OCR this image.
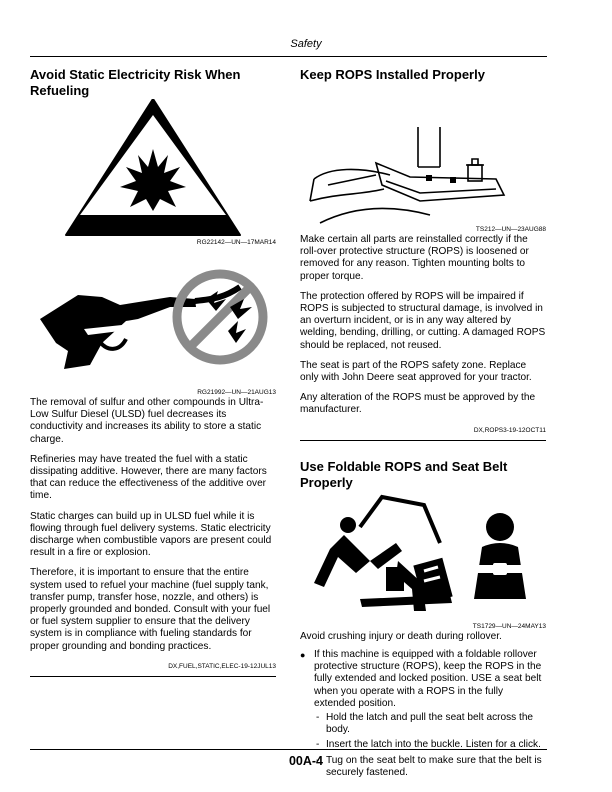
Safety
Avoid Static Electricity Risk When Refueling

RG22142—UN—17MAR14

RG21992—UN—21AUG13

The removal of sulfur and other compounds in Ultra-Low Sulfur Diesel (ULSD) fuel decreases its conductivity and increases its ability to store a static charge.

Refineries may have treated the fuel with a static dissipating additive. However, there are many factors that can reduce the effectiveness of the additive over time.

Static charges can build up in ULSD fuel while it is flowing through fuel delivery systems. Static electricity discharge when combustible vapors are present could result in a fire or explosion.

Therefore, it is important to ensure that the entire system used to refuel your machine (fuel supply tank, transfer pump, transfer hose, nozzle, and others) is properly grounded and bonded. Consult with your fuel or fuel system supplier to ensure that the delivery system is in compliance with fueling standards for proper grounding and bonding practices.

DX,FUEL,STATIC,ELEC-19-12JUL13

Keep ROPS Installed Properly

TS212—UN—23AUG88

Make certain all parts are reinstalled correctly if the roll-over protective structure (ROPS) is loosened or removed for any reason. Tighten mounting bolts to proper torque.

The protection offered by ROPS will be impaired if ROPS is subjected to structural damage, is involved in an overturn incident, or is in any way altered by welding, bending, drilling, or cutting. A damaged ROPS should be replaced, not reused.

The seat is part of the ROPS safety zone. Replace only with John Deere seat approved for your tractor.

Any alteration of the ROPS must be approved by the manufacturer.

DX,ROPS3-19-12OCT11

Use Foldable ROPS and Seat Belt Properly

TS1729—UN—24MAY13

Avoid crushing injury or death during rollover.

● If this machine is equipped with a foldable rollover protective structure (ROPS), keep the ROPS in the fully extended and locked position. USE a seat belt when you operate with a ROPS in the fully extended position.
- Hold the latch and pull the seat belt across the body.
- Insert the latch into the buckle. Listen for a click.
- Tug on the seat belt to make sure that the belt is securely fastened.
00A-4
